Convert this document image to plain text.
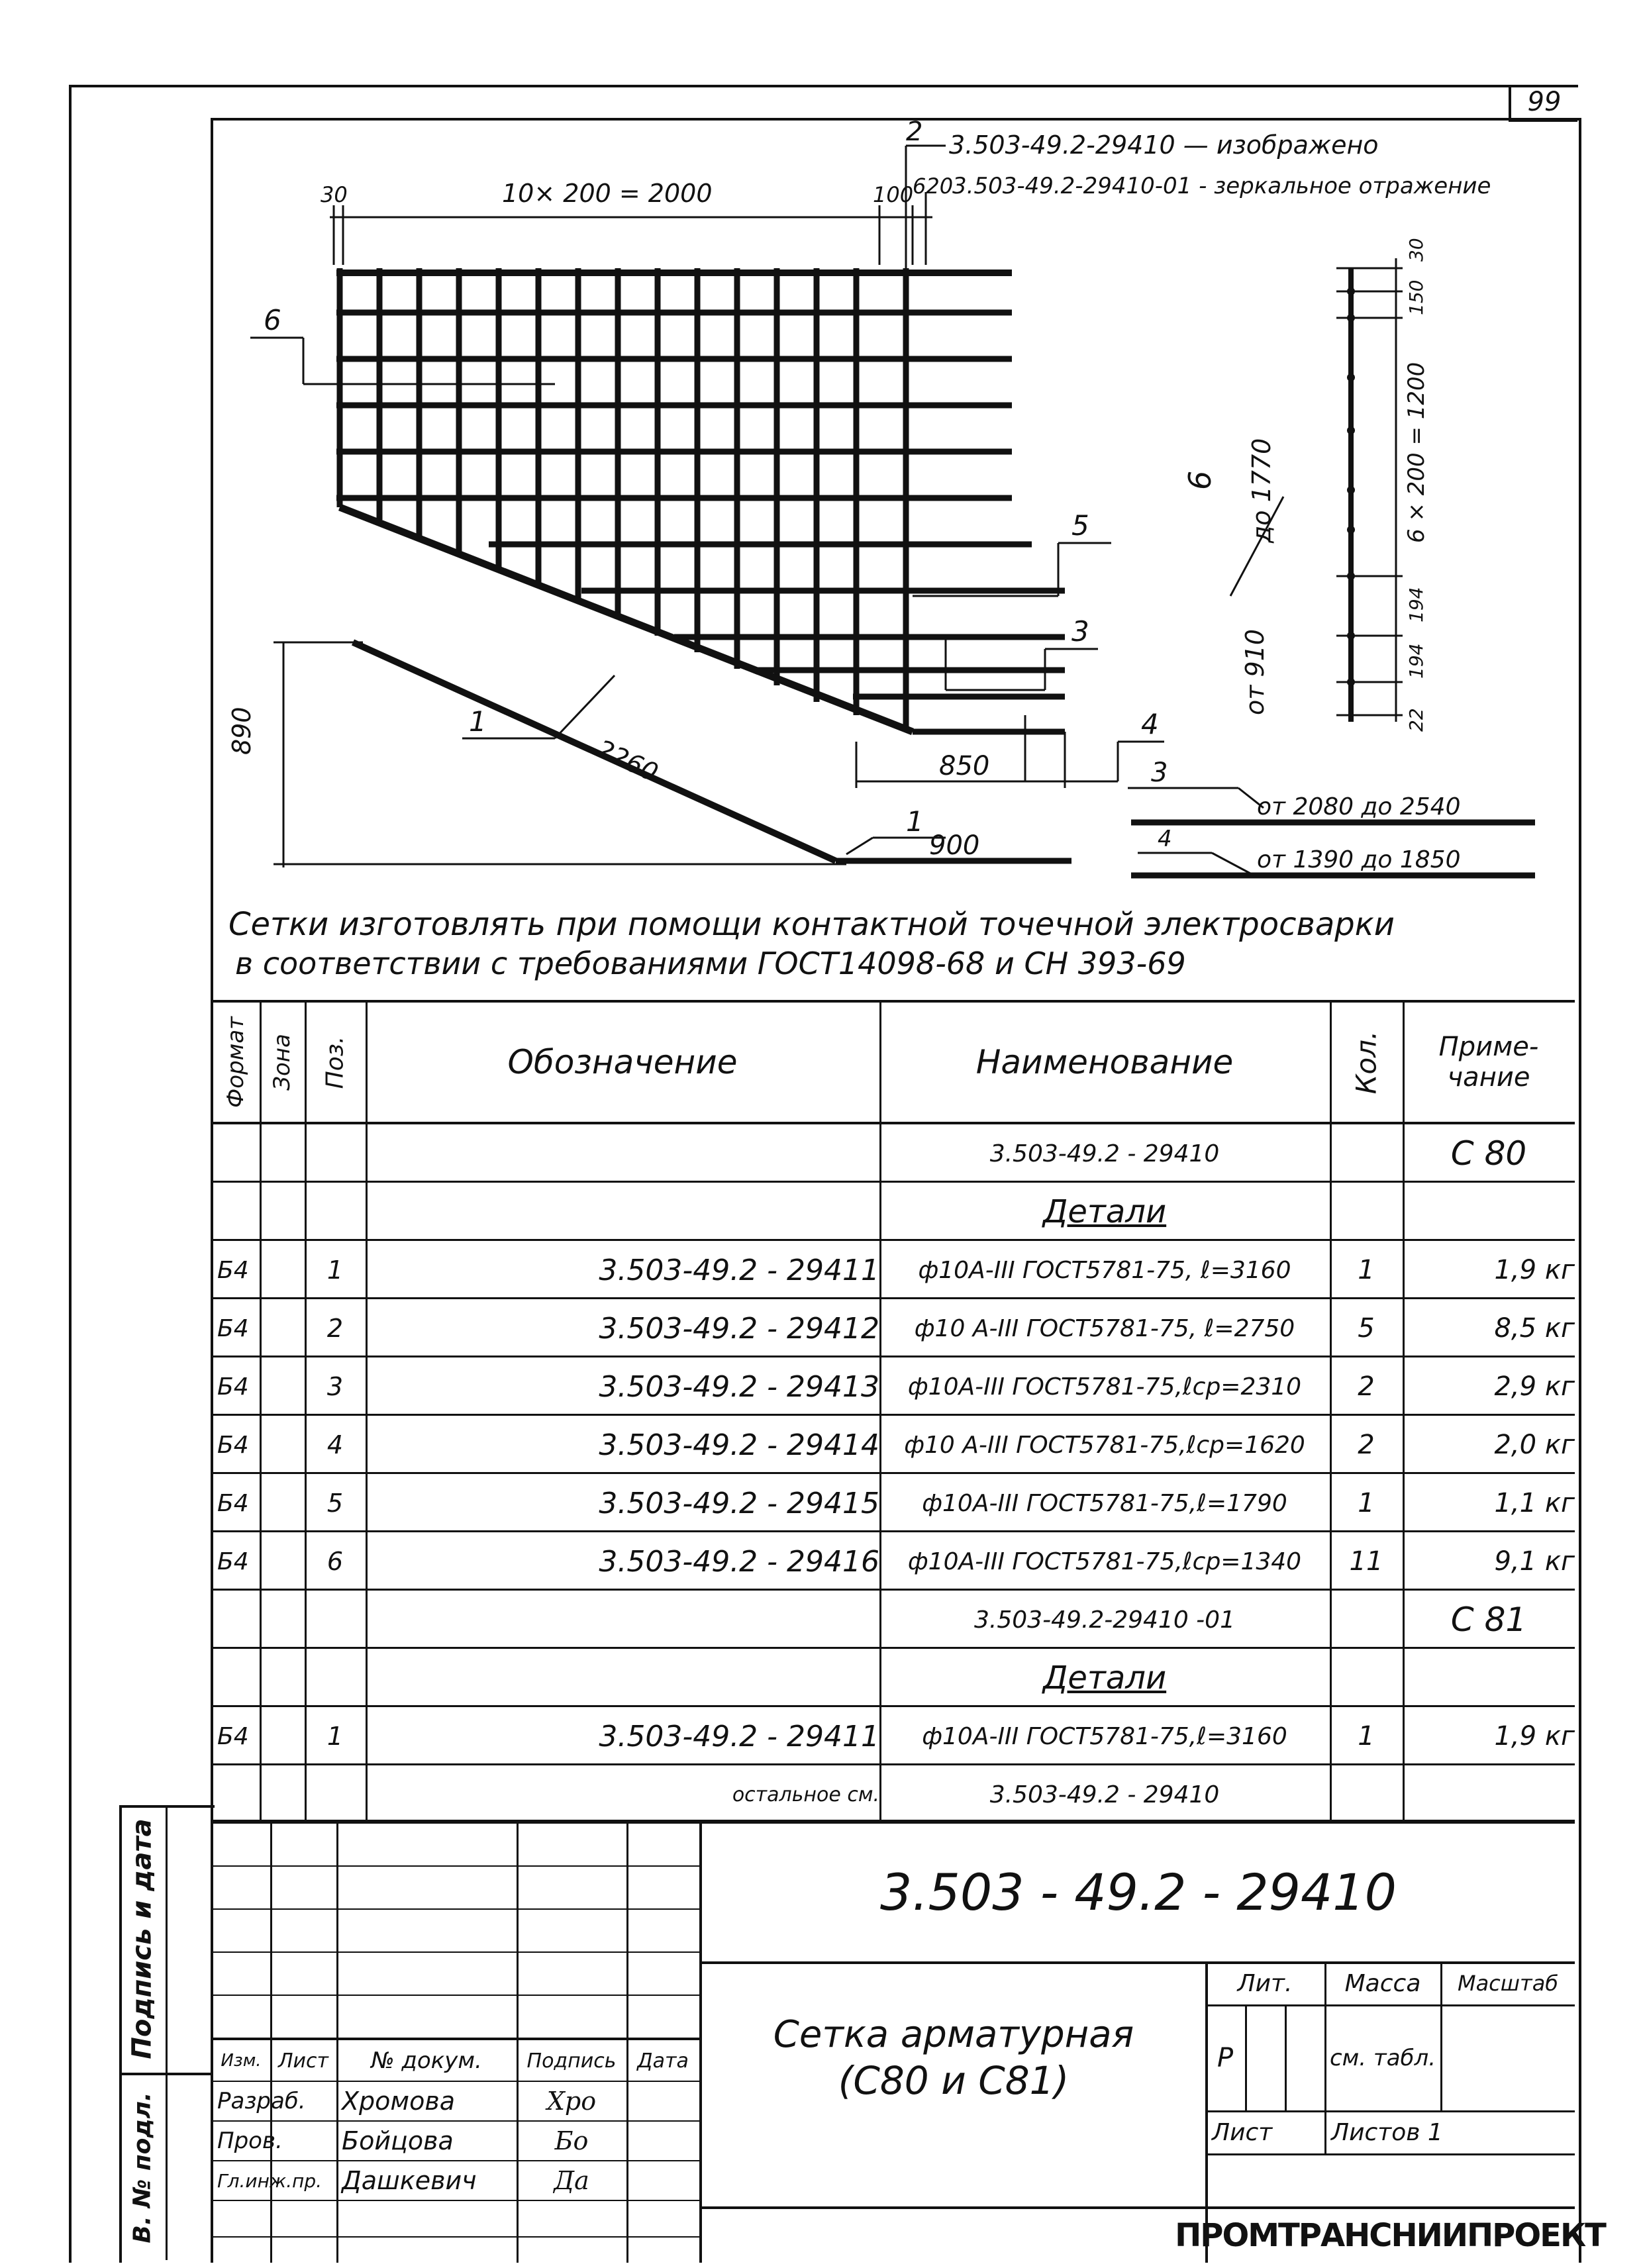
99
2 3.503-49.2-29410 — изображено
620
3.503-49.2-29410-01 - зеркальное отражение
30	10× 200 = 2000	100
6
5
3
4
1
890
2260
1
850
900
6 до 1770
от 910
30
150
6 × 200 = 1200
194
194
22
3
от 2080 до 2540
4
от 1390 до 1850
Сетки изготовлять при помощи контактной точечной электросварки
в соответствии с требованиями ГОСТ14098-68 и СН 393-69
Формат Зона Поз.	Обозначение	Наименование	Кол.	Приме-чание
3.503-49.2 - 29410	С 80
Детали
Б4	1	3.503-49.2 - 29411	ф10А-III ГОСТ5781-75, ℓ=3160	1	1,9 кг
Б4	2	3.503-49.2 - 29412	ф10 А-III ГОСТ5781-75, ℓ=2750	5	8,5 кг
Б4	3	3.503-49.2 - 29413	ф10А-III ГОСТ5781-75,ℓср=2310	2	2,9 кг
Б4	4	3.503-49.2 - 29414	ф10 А-III ГОСТ5781-75,ℓср=1620	2	2,0 кг
Б4	5	3.503-49.2 - 29415	ф10А-III ГОСТ5781-75,ℓ=1790	1	1,1 кг
Б4	6	3.503-49.2 - 29416	ф10А-III ГОСТ5781-75,ℓср=1340	11	9,1 кг
3.503-49.2-29410 -01	С 81
Детали
Б4	1	3.503-49.2 - 29411	ф10А-III ГОСТ5781-75,ℓ=3160	1	1,9 кг
остальное см.	3.503-49.2 - 29410
Изм. Лист	№ докум.	Подпись	Дата
Разраб.	Хромова	Хро
Пров.	Бойцова	Бо
Гл.инж.пр. Дашкевич	Да
3.503 - 49.2 - 29410
Сетка арматурная
(С80 и С81)
Лит.	Масса	Масштаб
Р	см. табл.
Лист	Листов 1
ПРОМТРАНСНИИПРОЕКТ
Подпись и дата
В. № подл.
